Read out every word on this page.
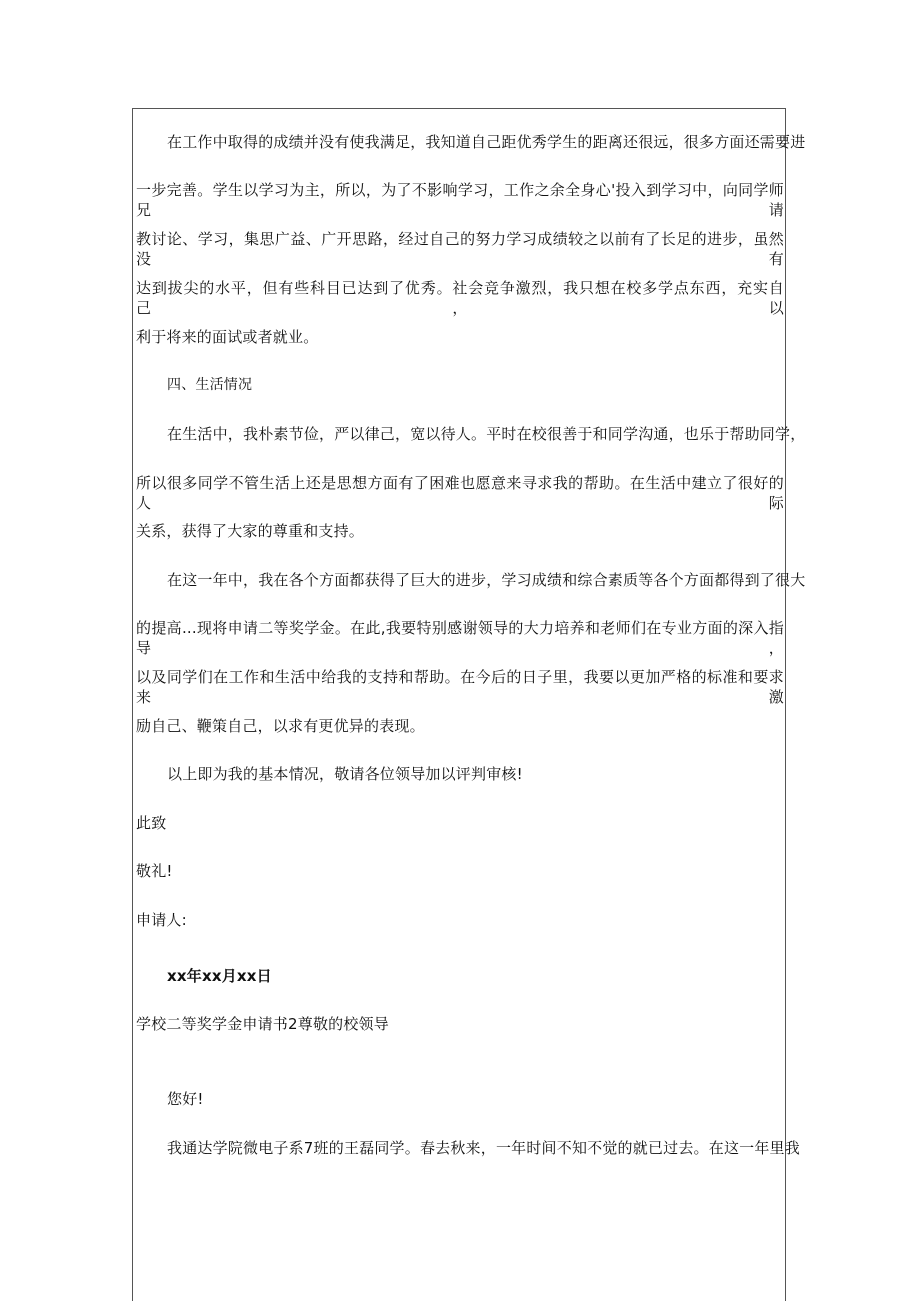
在工作中取得的成绩并没有使我满足，我知道自己距优秀学生的距离还很远，很多方面还需要进
一步完善。学生以学习为主，所以，为了不影响学习，工作之余全身心'投入到学习中，向同学师兄请
教讨论、学习，集思广益、广开思路，经过自己的努力学习成绩较之以前有了长足的进步，虽然没有
达到拔尖的水平，但有些科目已达到了优秀。社会竞争激烈，我只想在校多学点东西，充实自己，以
利于将来的面试或者就业。
四、生活情况
在生活中，我朴素节俭，严以律己，宽以待人。平时在校很善于和同学沟通，也乐于帮助同学，
所以很多同学不管生活上还是思想方面有了困难也愿意来寻求我的帮助。在生活中建立了很好的人际
关系，获得了大家的尊重和支持。
在这一年中，我在各个方面都获得了巨大的进步，学习成绩和综合素质等各个方面都得到了很大
的提高...现将申请二等奖学金。在此,我要特别感谢领导的大力培养和老师们在专业方面的深入指导，
以及同学们在工作和生活中给我的支持和帮助。在今后的日子里，我要以更加严格的标准和要求来激
励自己、鞭策自己，以求有更优异的表现。
以上即为我的基本情况，敬请各位领导加以评判审核!
此致
敬礼!
申请人:
xx年xx月xx日
学校二等奖学金申请书2尊敬的校领导
您好!
我通达学院微电子系7班的王磊同学。春去秋来，一年时间不知不觉的就已过去。在这一年里我
